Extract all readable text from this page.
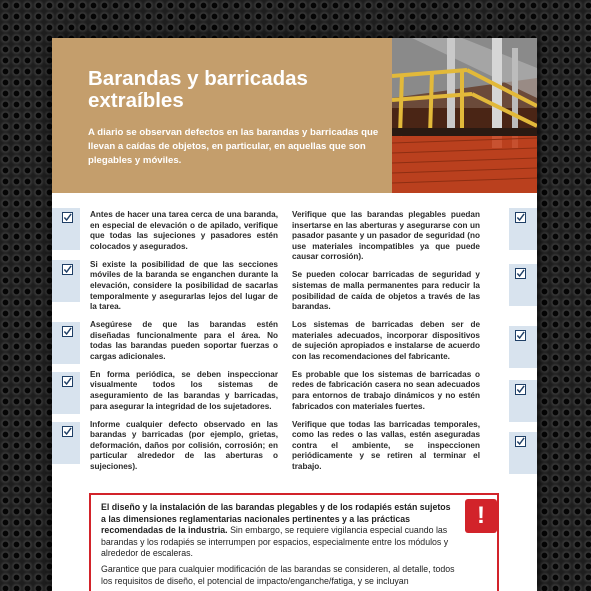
Barandas y barricadas extraíbles

A diario se observan defectos en las barandas y barricadas que llevan a caídas de objetos, en particular, en aquellas que son plegables y móviles.

Antes de hacer una tarea cerca de una baranda, en especial de elevación o de apilado, verifique que todas las sujeciones y pasadores estén colocados y asegurados.

Si existe la posibilidad de que las secciones móviles de la baranda se enganchen durante la elevación, considere la posibilidad de sacarlas temporalmente y asegurarlas lejos del lugar de la tarea.

Asegúrese de que las barandas estén diseñadas funcionalmente para el área. No todas las barandas pueden soportar fuerzas o cargas adicionales.

En forma periódica, se deben inspeccionar visualmente todos los sistemas de aseguramiento de las barandas y barricadas, para asegurar la integridad de los sujetadores.

Informe cualquier defecto observado en las barandas y barricadas (por ejemplo, grietas, deformación, daños por colisión, corrosión; en particular alrededor de las aberturas o sujeciones).

Verifique que las barandas plegables puedan insertarse en las aberturas y asegurarse con un pasador pasante y un pasador de seguridad (no use materiales incompatibles ya que puede causar corrosión).

Se pueden colocar barricadas de seguridad y sistemas de malla permanentes para reducir la posibilidad de caída de objetos a través de las barandas.

Los sistemas de barricadas deben ser de materiales adecuados, incorporar dispositivos de sujeción apropiados e instalarse de acuerdo con las recomendaciones del fabricante.

Es probable que los sistemas de barricadas o redes de fabricación casera no sean adecuados para entornos de trabajo dinámicos y no estén fabricados con materiales fuertes.

Verifique que todas las barricadas temporales, como las redes o las vallas, estén aseguradas contra el ambiente, se inspeccionen periódicamente y se retiren al terminar el trabajo.

!

El diseño y la instalación de las barandas plegables y de los rodapiés están sujetos a las dimensiones reglamentarias nacionales pertinentes y a las prácticas recomendadas de la industria. Sin embargo, se requiere vigilancia especial cuando las barandas y los rodapiés se interrumpen por espacios, especialmente entre los módulos y alrededor de escaleras.

Garantice que para cualquier modificación de las barandas se consideren, al detalle, todos los requisitos de diseño, el potencial de impacto/enganche/fatiga, y se incluyan
